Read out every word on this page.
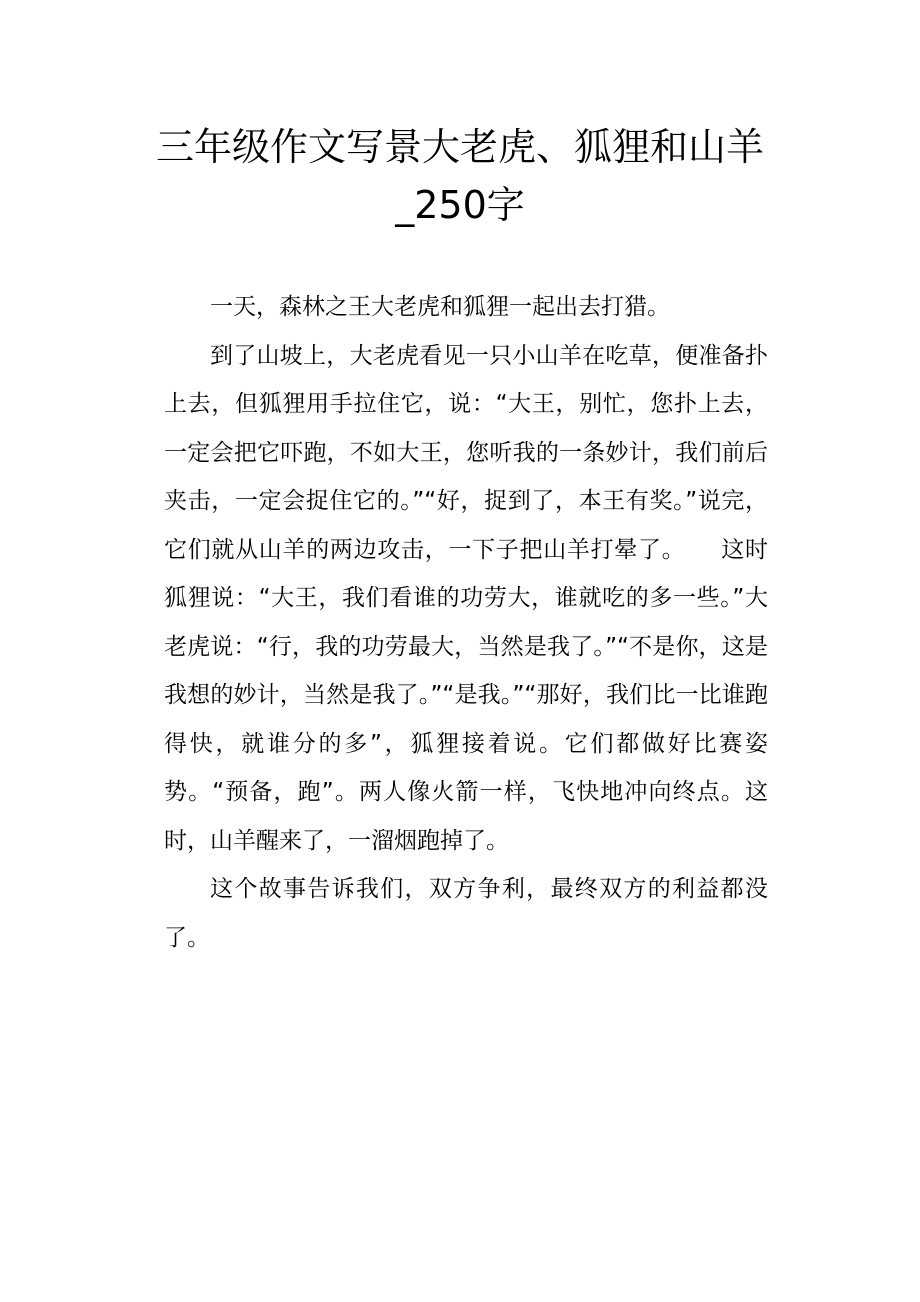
三年级作文写景大老虎、狐狸和山羊_250字

一天，森林之王大老虎和狐狸一起出去打猎。

到了山坡上，大老虎看见一只小山羊在吃草，便准备扑上去，但狐狸用手拉住它，说：“大王，别忙，您扑上去，一定会把它吓跑，不如大王，您听我的一条妙计，我们前后夹击，一定会捉住它的。”“好，捉到了，本王有奖。”说完，它们就从山羊的两边攻击，一下子把山羊打晕了。　　这时狐狸说：“大王，我们看谁的功劳大，谁就吃的多一些。”大老虎说：“行，我的功劳最大，当然是我了。”“不是你，这是我想的妙计，当然是我了。”“是我。”“那好，我们比一比谁跑得快，就谁分的多”，狐狸接着说。它们都做好比赛姿势。“预备，跑”。两人像火箭一样，飞快地冲向终点。这时，山羊醒来了，一溜烟跑掉了。

这个故事告诉我们，双方争利，最终双方的利益都没了。
